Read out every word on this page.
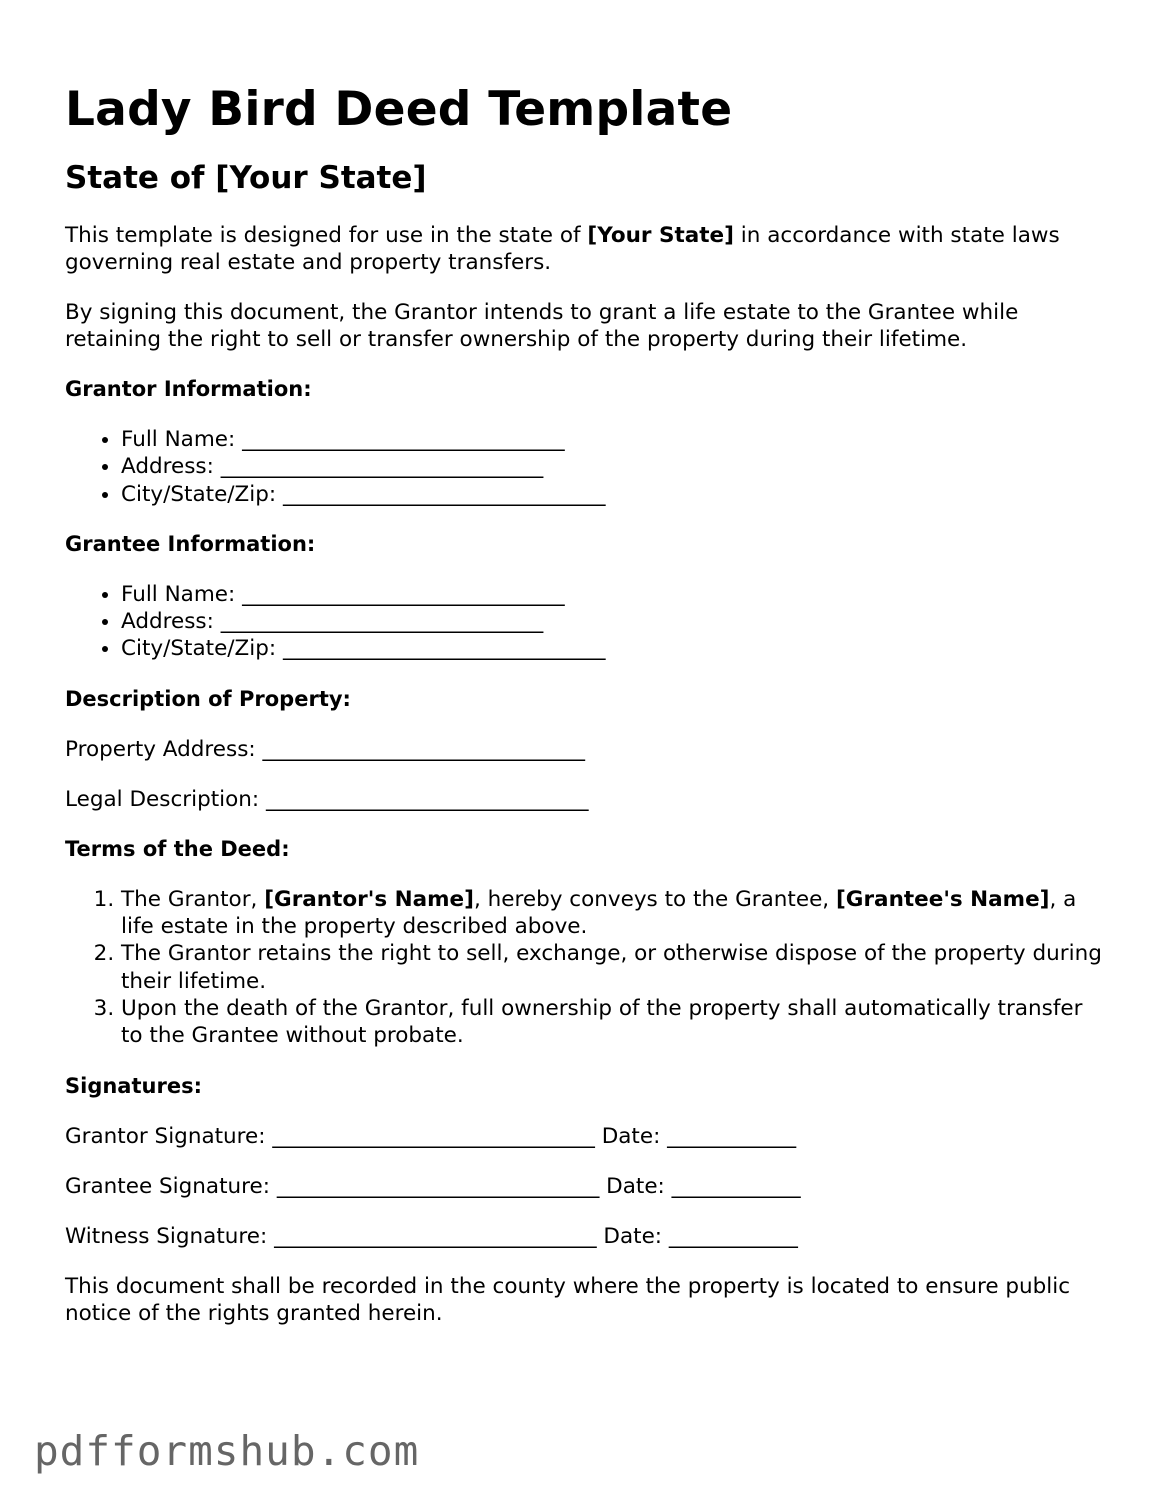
Lady Bird Deed Template
State of [Your State]

This template is designed for use in the state of [Your State] in accordance with state laws governing real estate and property transfers.

By signing this document, the Grantor intends to grant a life estate to the Grantee while retaining the right to sell or transfer ownership of the property during their lifetime.

Grantor Information:
• Full Name: ______________________________
• Address: ______________________________
• City/State/Zip: ______________________________
Grantee Information:
• Full Name: ______________________________
• Address: ______________________________
• City/State/Zip: ______________________________
Description of Property:
Property Address: ______________________________
Legal Description: ______________________________
Terms of the Deed:
1. The Grantor, [Grantor's Name], hereby conveys to the Grantee, [Grantee's Name], a life estate in the property described above.
2. The Grantor retains the right to sell, exchange, or otherwise dispose of the property during their lifetime.
3. Upon the death of the Grantor, full ownership of the property shall automatically transfer to the Grantee without probate.
Signatures:
Grantor Signature: ______________________________ Date: ____________
Grantee Signature: ______________________________ Date: ____________
Witness Signature: ______________________________ Date: ____________

This document shall be recorded in the county where the property is located to ensure public notice of the rights granted herein.

pdfformshub.com
